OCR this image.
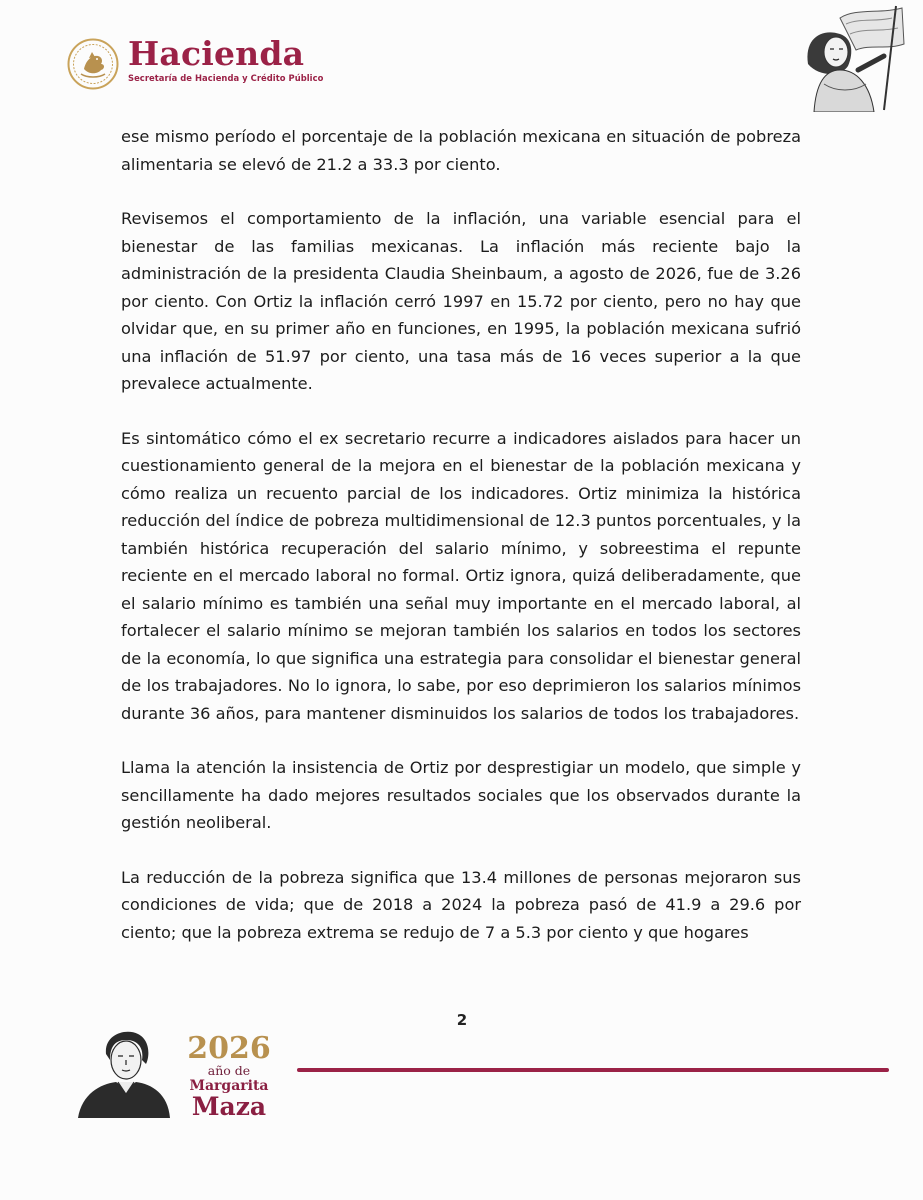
Hacienda
Secretaría de Hacienda y Crédito Público

ese mismo período el porcentaje de la población mexicana en situación de pobreza alimentaria se elevó de 21.2 a 33.3 por ciento.

Revisemos el comportamiento de la inflación, una variable esencial para el bienestar de las familias mexicanas. La inflación más reciente bajo la administración de la presidenta Claudia Sheinbaum, a agosto de 2026, fue de 3.26 por ciento. Con Ortiz la inflación cerró 1997 en 15.72 por ciento, pero no hay que olvidar que, en su primer año en funciones, en 1995, la población mexicana sufrió una inflación de 51.97 por ciento, una tasa más de 16 veces superior a la que prevalece actualmente.

Es sintomático cómo el ex secretario recurre a indicadores aislados para hacer un cuestionamiento general de la mejora en el bienestar de la población mexicana y cómo realiza un recuento parcial de los indicadores. Ortiz minimiza la histórica reducción del índice de pobreza multidimensional de 12.3 puntos porcentuales, y la también histórica recuperación del salario mínimo, y sobreestima el repunte reciente en el mercado laboral no formal. Ortiz ignora, quizá deliberadamente, que el salario mínimo es también una señal muy importante en el mercado laboral, al fortalecer el salario mínimo se mejoran también los salarios en todos los sectores de la economía, lo que significa una estrategia para consolidar el bienestar general de los trabajadores. No lo ignora, lo sabe, por eso deprimieron los salarios mínimos durante 36 años, para mantener disminuidos los salarios de todos los trabajadores.

Llama la atención la insistencia de Ortiz por desprestigiar un modelo, que simple y sencillamente ha dado mejores resultados sociales que los observados durante la gestión neoliberal.

La reducción de la pobreza significa que 13.4 millones de personas mejoraron sus condiciones de vida; que de 2018 a 2024 la pobreza pasó de 41.9 a 29.6 por ciento; que la pobreza extrema se redujo de 7 a 5.3 por ciento y que hogares

2
2026
año de
Margarita
Maza
